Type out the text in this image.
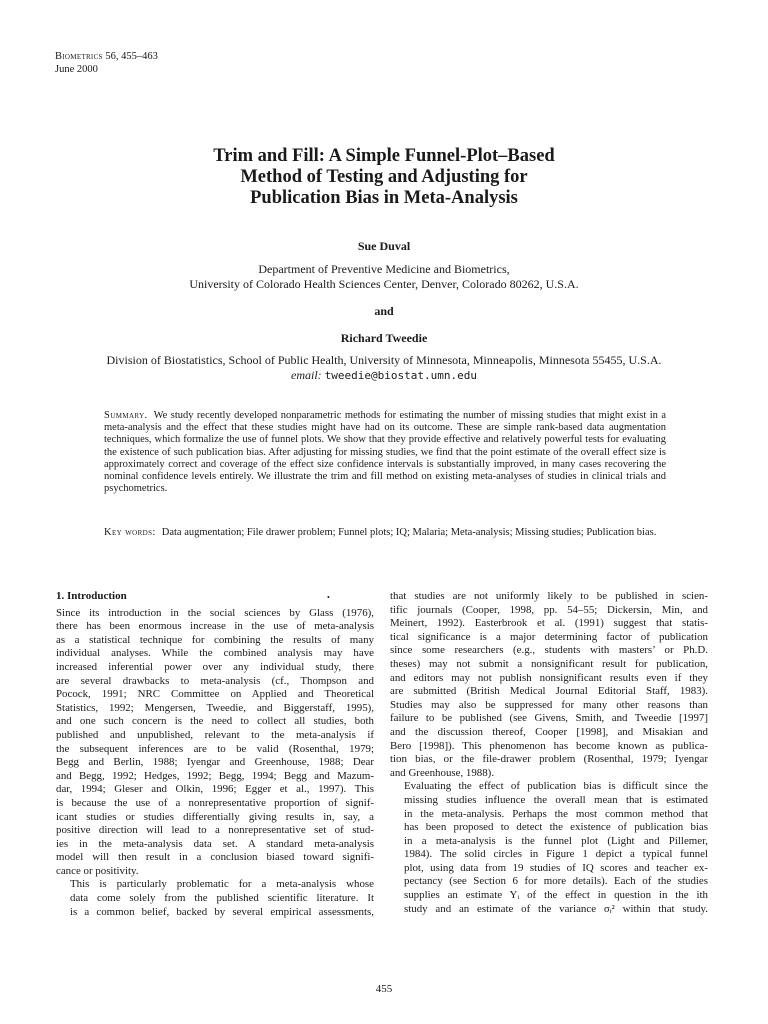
Biometrics 56, 455–463
June 2000
Trim and Fill: A Simple Funnel-Plot–Based
Method of Testing and Adjusting for
Publication Bias in Meta-Analysis
Sue Duval
Department of Preventive Medicine and Biometrics,
University of Colorado Health Sciences Center, Denver, Colorado 80262, U.S.A.
and
Richard Tweedie
Division of Biostatistics, School of Public Health, University of Minnesota, Minneapolis, Minnesota 55455, U.S.A.
email: tweedie@biostat.umn.edu
Summary. We study recently developed nonparametric methods for estimating the number of missing studies that might exist in a meta-analysis and the effect that these studies might have had on its outcome. These are simple rank-based data augmentation techniques, which formalize the use of funnel plots. We show that they provide effective and relatively powerful tests for evaluating the existence of such publication bias. After adjusting for missing studies, we find that the point estimate of the overall effect size is approximately correct and coverage of the effect size confidence intervals is substantially improved, in many cases recovering the nominal confidence levels entirely. We illustrate the trim and fill method on existing meta-analyses of studies in clinical trials and psychometrics.
Key words: Data augmentation; File drawer problem; Funnel plots; IQ; Malaria; Meta-analysis; Missing studies; Publication bias.
•
1. Introduction

Since its introduction in the social sciences by Glass (1976),
there has been enormous increase in the use of meta-analysis
as a statistical technique for combining the results of many
individual analyses. While the combined analysis may have
increased inferential power over any individual study, there
are several drawbacks to meta-analysis (cf., Thompson and
Pocock, 1991; NRC Committee on Applied and Theoretical
Statistics, 1992; Mengersen, Tweedie, and Biggerstaff, 1995),
and one such concern is the need to collect all studies, both
published and unpublished, relevant to the meta-analysis if
the subsequent inferences are to be valid (Rosenthal, 1979;
Begg and Berlin, 1988; Iyengar and Greenhouse, 1988; Dear
and Begg, 1992; Hedges, 1992; Begg, 1994; Begg and Mazum-
dar, 1994; Gleser and Olkin, 1996; Egger et al., 1997). This
is because the use of a nonrepresentative proportion of signif-
icant studies or studies differentially giving results in, say, a
positive direction will lead to a nonrepresentative set of stud-
ies in the meta-analysis data set. A standard meta-analysis
model will then result in a conclusion biased toward signifi-
cance or positivity.

This is particularly problematic for a meta-analysis whose
data come solely from the published scientific literature. It
is a common belief, backed by several empirical assessments,

that studies are not uniformly likely to be published in scien-
tific journals (Cooper, 1998, pp. 54–55; Dickersin, Min, and
Meinert, 1992). Easterbrook et al. (1991) suggest that statis-
tical significance is a major determining factor of publication
since some researchers (e.g., students with masters’ or Ph.D.
theses) may not submit a nonsignificant result for publication,
and editors may not publish nonsignificant results even if they
are submitted (British Medical Journal Editorial Staff, 1983).
Studies may also be suppressed for many other reasons than
failure to be published (see Givens, Smith, and Tweedie [1997]
and the discussion thereof, Cooper [1998], and Misakian and
Bero [1998]). This phenomenon has become known as publica-
tion bias, or the file-drawer problem (Rosenthal, 1979; Iyengar
and Greenhouse, 1988).

Evaluating the effect of publication bias is difficult since the
missing studies influence the overall mean that is estimated
in the meta-analysis. Perhaps the most common method that
has been proposed to detect the existence of publication bias
in a meta-analysis is the funnel plot (Light and Pillemer,
1984). The solid circles in Figure 1 depict a typical funnel
plot, using data from 19 studies of IQ scores and teacher ex-
pectancy (see Section 6 for more details). Each of the studies
supplies an estimate Yᵢ of the effect in question in the ith
study and an estimate of the variance σᵢ² within that study.

455
